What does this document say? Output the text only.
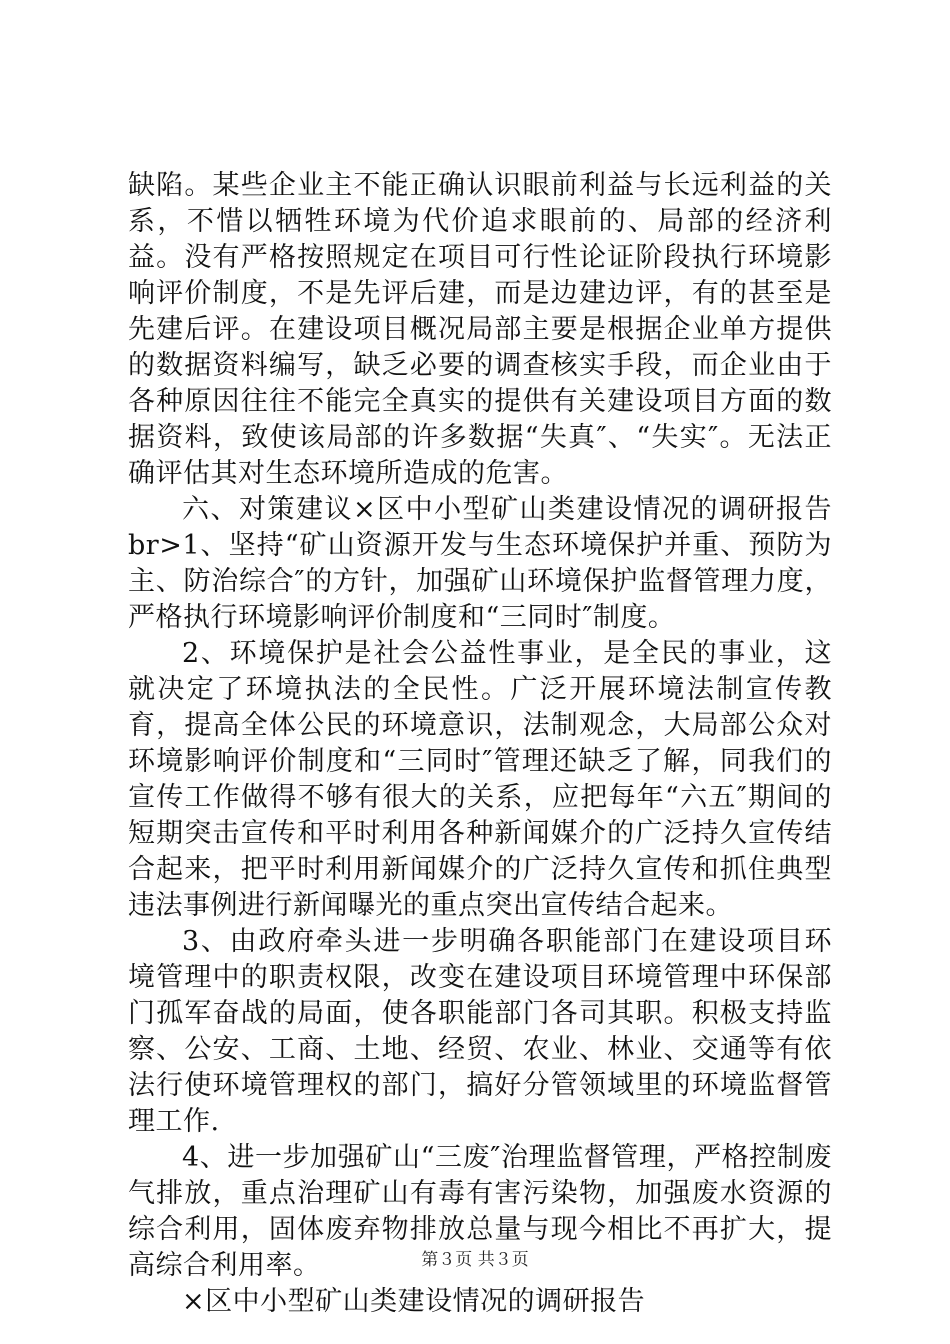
缺陷。某些企业主不能正确认识眼前利益与长远利益的关系，不惜以牺牲环境为代价追求眼前的、局部的经济利益。没有严格按照规定在项目可行性论证阶段执行环境影响评价制度，不是先评后建，而是边建边评，有的甚至是先建后评。在建设项目概况局部主要是根据企业单方提供的数据资料编写，缺乏必要的调查核实手段，而企业由于各种原因往往不能完全真实的提供有关建设项目方面的数据资料，致使该局部的许多数据“失真″、“失实″。无法正确评估其对生态环境所造成的危害。

六、对策建议×区中小型矿山类建设情况的调研报告br>1、坚持“矿山资源开发与生态环境保护并重、预防为主、防治综合″的方针，加强矿山环境保护监督管理力度，严格执行环境影响评价制度和“三同时″制度。

2、环境保护是社会公益性事业，是全民的事业，这就决定了环境执法的全民性。广泛开展环境法制宣传教育，提高全体公民的环境意识，法制观念，大局部公众对环境影响评价制度和“三同时″管理还缺乏了解，同我们的宣传工作做得不够有很大的关系，应把每年“六五″期间的短期突击宣传和平时利用各种新闻媒介的广泛持久宣传结合起来，把平时利用新闻媒介的广泛持久宣传和抓住典型违法事例进行新闻曝光的重点突出宣传结合起来。

3、由政府牵头进一步明确各职能部门在建设项目环境管理中的职责权限，改变在建设项目环境管理中环保部门孤军奋战的局面，使各职能部门各司其职。积极支持监察、公安、工商、土地、经贸、农业、林业、交通等有依法行使环境管理权的部门，搞好分管领域里的环境监督管理工作.

4、进一步加强矿山“三废″治理监督管理，严格控制废气排放，重点治理矿山有毒有害污染物，加强废水资源的综合利用，固体废弃物排放总量与现今相比不再扩大，提高综合利用率。

×区中小型矿山类建设情况的调研报告

第３页 共３页
